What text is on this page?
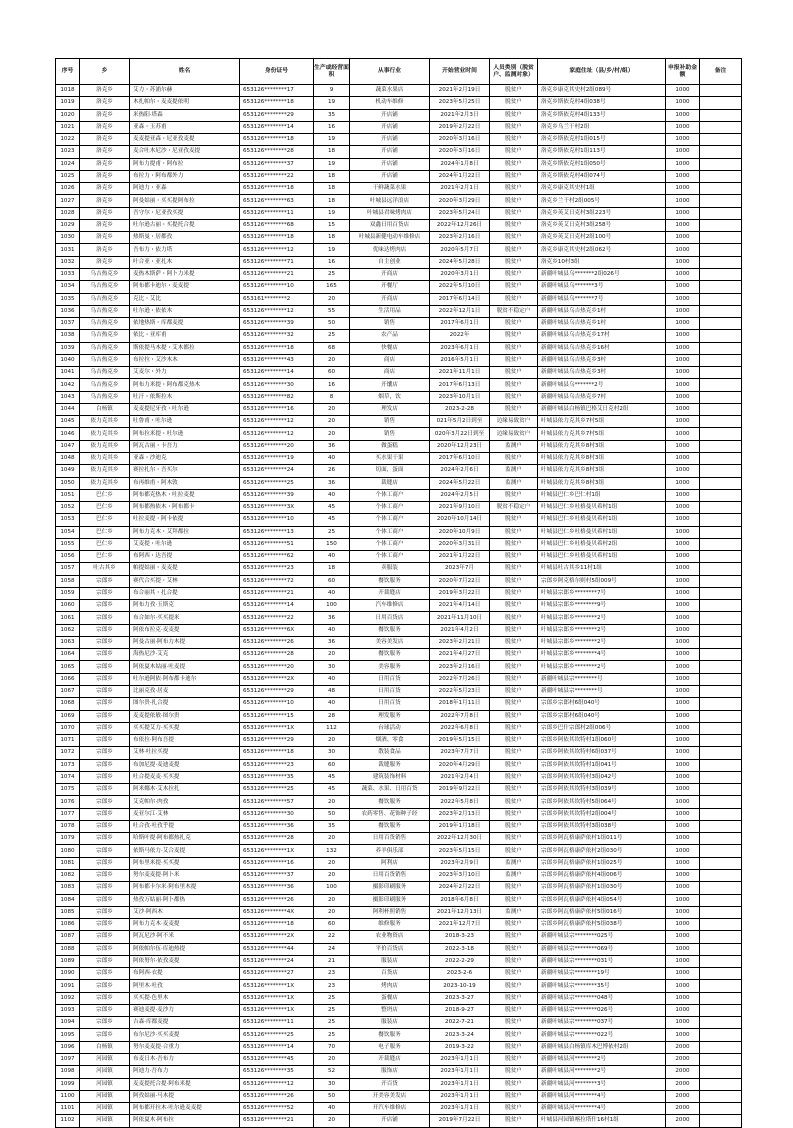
序号	乡	姓名	身份证号	生产或经营面积	从事行业	开始营业时间	人员类别（脱贫户、监测对象）	家庭住址（县/乡/村/组）	申报补助金额	备注
1018	洛克乡	艾力・苏浦尔赫	653126********17	9	蔬菜水果店	2021年2月19日	脱贫户	洛克乡康克其史村2组089号	1000	
1019	洛克乡	木扎帕尔・麦麦提依明	653126********18	19	机动车维修	2023年5月25日	脱贫户	洛克乡斯依克村4组038号	1000	
1020	洛克乡	米热阳·塔森	653126********29	35	开店铺	2021年2月3日	脱贫户	洛克乡斯依克村4组133号	1000	
1021	洛克乡	亚森・玉苏甫	653126********14	16	开店铺	2019年2月22日	脱贫户	洛克乡乌兰干村2组	1000	
1022	洛克乡	麦麦提亚森・尼亚孜麦提	653126********18	19	开店铺	2020年3月16日	脱贫户	洛克乡斯依克村1组015号	1000	
1023	洛克乡	麦合吐木尼沙・尼亚孜麦提	653126********28	18	开店铺	2020年3月16日	脱贫户	洛克乡斯依克村1组113号	1000	
1024	洛克乡	阿布力提甫・阿布拉	653126********37	19	开店铺	2024年1月8日	脱贫户	洛克乡斯依克村1组050号	1000	
1025	洛克乡	布拉力・阿布都外力	653126********22	18	开店铺	2024年1月22日	脱贫户	洛克乡斯依克村4组074号	1000	
1026	洛克乡	阿迪力・亚森	653126********18	18	干鲜蔬菜水果	2021年2月1日	脱贫户	洛克乡康克其史村1组	1000	
1027	洛克乡	阿曼姑丽・买买提阿布拉	653126********63	18	叶城县远洋浪店	2020年3月29日	脱贫户	洛克乡兰干村2组005号	1000	
1028	洛克乡	吾守尔・尼亚孜买提	653126********11	19	叶城县君味烤肉店	2023年5月24日	脱贫户	洛克乡英艾日克村3组223号	1000	
1029	洛克乡	吐尔逊古丽・买提托合提	653126********68	15	双鑫日用百货店	2022年12月26日	脱贫户	洛克乡英艾日克村3组258号	1000	
1030	洛克乡	热斯曼・居都孜	653126********18	18	叶城县新健电动车维修店	2023年2月16日	脱贫户	洛克乡英艾日克村2组100号	1000	
1031	洛克乡	吾布力・依力塔	653126********12	19	优味达烤肉店	2020年5月7日	脱贫户	洛克乡康克其史村2组062号	1000	
1032	洛克乡	叶合亚・亚扎木	653126********71	16	自主创业	2024年5月28日	脱贫户	洛克乡10村3组	1000	
1033	乌吉热克乡	麦热木斯萨・阿卜力米提	653126********21	25	开商店	2020年3月1日	脱贫户	新疆叶城县乌*******2组026号	1000	
1034	乌吉热克乡	阿布都卡迪尔・麦麦提	653126********10	165	开餐厅	2022年5月10日	脱贫户	新疆叶城县乌*******3号	1000	
1035	乌吉热克乡	克比・艾比	653161********2	20	开商店	2017年6月14日	脱贫户	新疆叶城县乌*******7号	1000	
1036	乌吉热克乡	吐尔逊・依依木	653126********12	55	生活用品	2022年12月1日	脱贫不稳定户	新疆叶城县乌吉热克乡1村	1000	
1037	乌吉热克乡	依地热斯・库都麦提	653126********39	50	销售	2017年6月1日	脱贫户	新疆叶城县乌吉热克乡1村	1000	
1038	乌吉热克乡	依比・亚库甫	653126********32	25	农产品	2022年	脱贫户	新疆叶城县乌吉热克乡17村	1000	
1039	乌吉热克乡	斯依提马木提・艾木都拉	653126********18	68	快餐店	2023年6月1日	脱贫户	新疆叶城县乌吉热克乡16村	1000	
1040	乌吉热克乡	布拉拉・艾沙木木	653126********43	20	商店	2016年5月1日	脱贫户	新疆叶城县乌吉热克乡3村	1000	
1041	乌吉热克乡	艾麦尔・外力	653126********14	60	商店	2021年11月1日	脱贫户	新疆叶城县乌吉热克乡3村	1000	
1042	乌吉热克乡	阿布力米提・阿布都克热木	653126********30	16	开馕店	2017年6月13日	脱贫户	新疆叶城县乌*******2号	1000	
1043	乌吉热克乡	吐汗・依斯拉木	653126********82	8	烟草，饮	2023年10月1日	脱贫户	新疆叶城县乌吉热克乡7村	1000	
1044	白杨镇	麦麦提尼牙孜・吐尔逊	653126********16	20	理发店	2023-2-28	脱贫户	新疆叶城县白杨镇巴格艾日克村2组	1000	
1045	依力克其乡	吐鲁甫・吐尔逊	653126********12	20	销售	021年5月2日到至	边缘易致贫户	叶城县依力克其乡7村5组	1000	
1046	依力克其乡	阿布拉米提・吐尔逊	653126********12	20	销售	020年3月22日到至	边缘易致贫户	叶城县依力克其乡7村5组	1000	
1047	依力克其乡	阿瓦古丽・卡吾力	653126********20	36	做蛋糕	2020年12月23日	监测户	叶城县依力克其乡8村3组	1000	
1048	依力克其乡	亚森・沙迪克	653126********19	40	买水果干果	2017年6月10日	脱贫户	叶城县依力克其乡8村3组	1000	
1049	依力克其乡	赛拉扎尔・吾买尔	653126********24	26	切面，蛋面	2024年2月6日	监测户	叶城县依力克其乡8村3组	1000	
1050	依力克其乡	布再维甫・阿木敦	653126********25	36	裁缝店	2024年5月22日	监测户	叶城县依力克其乡8村3组	1000	
1051	巴仁乡	阿布都克热木・吐拉麦提	653126********39	40	个体工商户	2024年2月5日	脱贫户	叶城县巴仁乡巴仁村1组	1000	
1052	巴仁乡	阿布都热依木・阿布都卡	653126********3X	45	个体工商户	2021年9月10日	脱贫不稳定户	叶城县巴仁乡吐格曼贝希村1组	1000	
1053	巴仁乡	吐拉麦提・阿卡依提	653126********10	45	个体工商户	2020年10月14日	脱贫户	叶城县巴仁乡吐格曼贝希村1组	1000	
1054	巴仁乡	阿布力克木・艾拜都拉	653126********13	25	个体工商户	2020年10月9日	脱贫户	叶城县巴仁乡吐格曼贝希村1组	1000	
1055	巴仁乡	艾麦提・吐尔逊	653126********51	150	个体工商户	2020年3月31日	脱贫户	叶城县巴仁乡吐格曼贝希村2组	1000	
1056	巴仁乡	布阿西・达吾提	653126********62	40	个体工商户	2021年1月22日	脱贫户	叶城县巴仁乡吐格曼贝希村1组	1000	
1057	吐古其乡	帕提姑丽・麦麦提	653126********23	18	卖服装	2023年7月	脱贫户	叶城县吐古其乡11村1组	1000	
1058	宗郎乡	赛代合买提・艾林	653126********72	60	餐饮服务	2020年7月22日	脱贫户	宗郎乡阿克格尔则村5组009号	1000	
1059	宗郎乡	布合丽其・扎合提	653126********21	40	开裁缝店	2019年3月22日	脱贫户	叶城县宗郎乡********7号	1000	
1060	宗郎乡	阿布力孜·玉斯克	653126********14	100	汽车维修店	2021年4月14日	脱贫户	叶城县宗郎乡********9号	1000	
1061	宗郎乡	布合如尔·买买提米	653126********22	36	日用百货店	2021年11月10日	脱贫户	叶城县宗郎乡********2号	1000	
1062	宗郎乡	阿依布拉克·麦麦提	653126********6X	40	餐饮服务	2021年4月2日	脱贫户	叶城县宗郎乡********2号	1000	
1063	宗郎乡	阿曼古丽·阿布力木提	653126********26	36	美容美发店	2023年2月21日	脱贫户	叶城县宗郎乡********2号	1000	
1064	宗郎乡	海热尼沙·艾克	653126********28	20	餐饮服务	2021年4月27日	脱贫户	叶城县宗郎乡********4号	1000	
1065	宗郎乡	阿依夏木姑丽·吐麦提	653126********20	30	美容服务	2023年2月16日	脱贫户	叶城县宗郎乡********2号	1000	
1066	宗郎乡	吐尔逊阿依·阿布都卡迪尔	653126********2X	40	日用百货	2022年7月26日	脱贫户	新疆叶城县宗********号	1000	
1067	宗郎乡	比丽克孜·居麦	653126********29	48	日用百货	2022年5月23日	脱贫户	新疆叶城县宗********号	1000	
1068	宗郎乡	图尔贵·扎合提	653126********10	40	日用百货	2018年1月11日	脱贫户	宗郎乡宗郎村6组040号	1000	
1069	宗郎乡	麦麦提依敏·图尔贵	653126********15	28	理发服务	2022年7月8日	脱贫户	宗郎乡宗郎村6组040号	1000	
1070	宗郎乡	买买提艾力·买买提	653126********1X	112	台球活动	2022年6月8日	脱贫户	宗郎乡巴什宗郎村2组006号	1000	
1071	宗郎乡	布依拉·阿布吾提	653126********29	20	烟酒、零食	2019年5月15日	脱贫户	宗郎乡阿依其坎特村1组060号	1000	
1072	宗郎乡	艾林·吐拉买提	653126********18	30	散装食品	2023年7月7日	脱贫户	宗郎乡阿依其坎特村6组037号	1000	
1073	宗郎乡	布加尼提·麦迪麦提	653126********23	60	裁缝服务	2020年4月29日	脱贫户	宗郎乡阿依其坎特村1组041号	1000	
1074	宗郎乡	吐合提麦麦·买买提	653126********35	45	建筑装饰材料	2021年2月4日	脱贫户	宗郎乡阿依其坎特村3组042号	1000	
1075	宗郎乡	阿米娜木·艾木拉扎	653126********25	45	蔬菜、水果、日用百货	2019年9月22日	脱贫户	宗郎乡阿依其坎特村3组039号	1000	
1076	宗郎乡	艾克帕尔·肉孜	653126********57	20	餐饮服务	2022年5月8日	脱贫户	宗郎乡阿依其坎特村5组064号	1000	
1077	宗郎乡	麦亚尔江·艾林	653126********30	50	农药零售、花饰种子经	2023年2月13日	脱贫户	宗郎乡阿依其坎特村2组004号	1000	
1078	宗郎乡	吐合孜·吐孜乎提	653126********36	35	餐饮服务	2019年1月18日	脱贫户	宗郎乡阿依其坎特村3组038号	1000	
1079	宗郎乡	哈斯叶提·阿布都热扎克	653126********28	20	日用百货销售	2022年12月30日	脱贫户	宗郎乡阿瓦格康萨依村1组011号	1000	
1080	宗郎乡	依斯马依力·艾合麦提	653126********1X	132	养羊俱乐部	2023年5月15日	脱贫户	宗郎乡阿瓦格康萨依村2组030号	1000	
1081	宗郎乡	阿布里米提·买买提	653126********16	20	阿利店	2023年2月9日	监测户	宗郎乡阿瓦格康萨依村1组025号	1000	
1082	宗郎乡	努尔麦麦提·阿卜米	653126********37	20	日用百货销售	2023年3月10日	监测户	宗郎乡阿瓦格康萨依村4组006号	1000	
1083	宗郎乡	阿布都卡尔米·阿布里木提	653126********36	100	摄影印刷服务	2024年2月22日	脱贫户	宗郎乡阿瓦格康萨依村1组030号	1000	
1084	宗郎乡	热孜万姑丽·阿卜都热	653126********26	20	摄影印刷服务	2018年6月8日	脱贫户	宗郎乡阿瓦格康萨依村4组054号	1000	
1085	宗郎乡	艾沙·阿西木	653126********4X	20	阿利杯照销售	2021年12月13日	监测户	宗郎乡阿瓦格康萨依村5组016号	1000	
1086	宗郎乡	阿布力克木·麦麦提	653126********18	60	维修服务	2021年12月7日	脱贫户	宗郎乡阿瓦格康萨依村5组038号	1000	
1087	宗郎乡	阿瓦尼沙·阿不米	653126********2X	22	农业物资店	2018-3-23	脱贫户	新疆叶城县宗********025号	1000	
1088	宗郎乡	阿依帕尔伍·库迪热提	653126********44	24	平价百货店	2022-3-18	脱贫户	新疆叶城县宗********069号	1000	
1089	宗郎乡	阿依努尔·依孜麦提	653126********24	21	服装店	2022-2-29	脱贫户	新疆叶城县宗********031号	1000	
1090	宗郎乡	布阿西·衣提	653126********27	23	百货店	2023-2-6	脱贫户	新疆叶城县宗********19号	1000	
1091	宗郎乡	阿里木·吐孜	653126********1X	23	烤肉店	2023-10-19	脱贫户	新疆叶城县宗********35号	1000	
1092	宗郎乡	买买提·色里木	653126********1X	25	蛋餐店	2023-3-27	脱贫户	新疆叶城县宗********048号	1000	
1093	宗郎乡	赛迪麦提·麦沙力	653126********1X	25	整坍店	2018-9-27	脱贫户	新疆叶城县宗********026号	1000	
1094	宗郎乡	吉森·库都麦提	653126********11	25	服装店	2022-7-21	脱贫户	新疆叶城县宗********037号	1000	
1095	宗郎乡	布尔尼沙·买买麦提	653126********25	25	餐饮服务	2023-3-24	脱贫户	新疆叶城县宗********022号	1000	
1096	白杨镇	努尔麦麦提·合重力	653126********14	70	电子服务	2019-3-22	脱贫户	新疆叶城县白杨镇库木巴博依村2组	2000	
1097	河园镇	布麦日木·吾布力	653126********45	20	开裁缝店	2023年1月1日	脱贫户	新疆叶城县河********2号	2000	
1098	河园镇	阿迪力·吾布力	653126********35	52	服饰店	2023年1月1日	脱贫户	新疆叶城县河********2号	2000	
1099	河园镇	麦麦提托合提·阿布米提	653126********12	30	开百货	2023年1月1日	脱贫户	新疆叶城县河********3号	2000	
1100	河园镇	阿孜姑丽·马木提	653126********26	50	开美容美发店	2023年1月1日	脱贫户	新疆叶城县河********4号	2000	
1101	河园镇	阿布都开拉木·吐尔逊麦麦提	653126********52	40	开汽车维修店	2023年1月1日	脱贫户	新疆叶城县河********4号	2000	
1102	河园镇	阿依夏木·阿布拉	653126********21	20	开店铺	2019年7月22日	脱贫户	叶城县河园镇喀拉塔什16村1组	2000	
